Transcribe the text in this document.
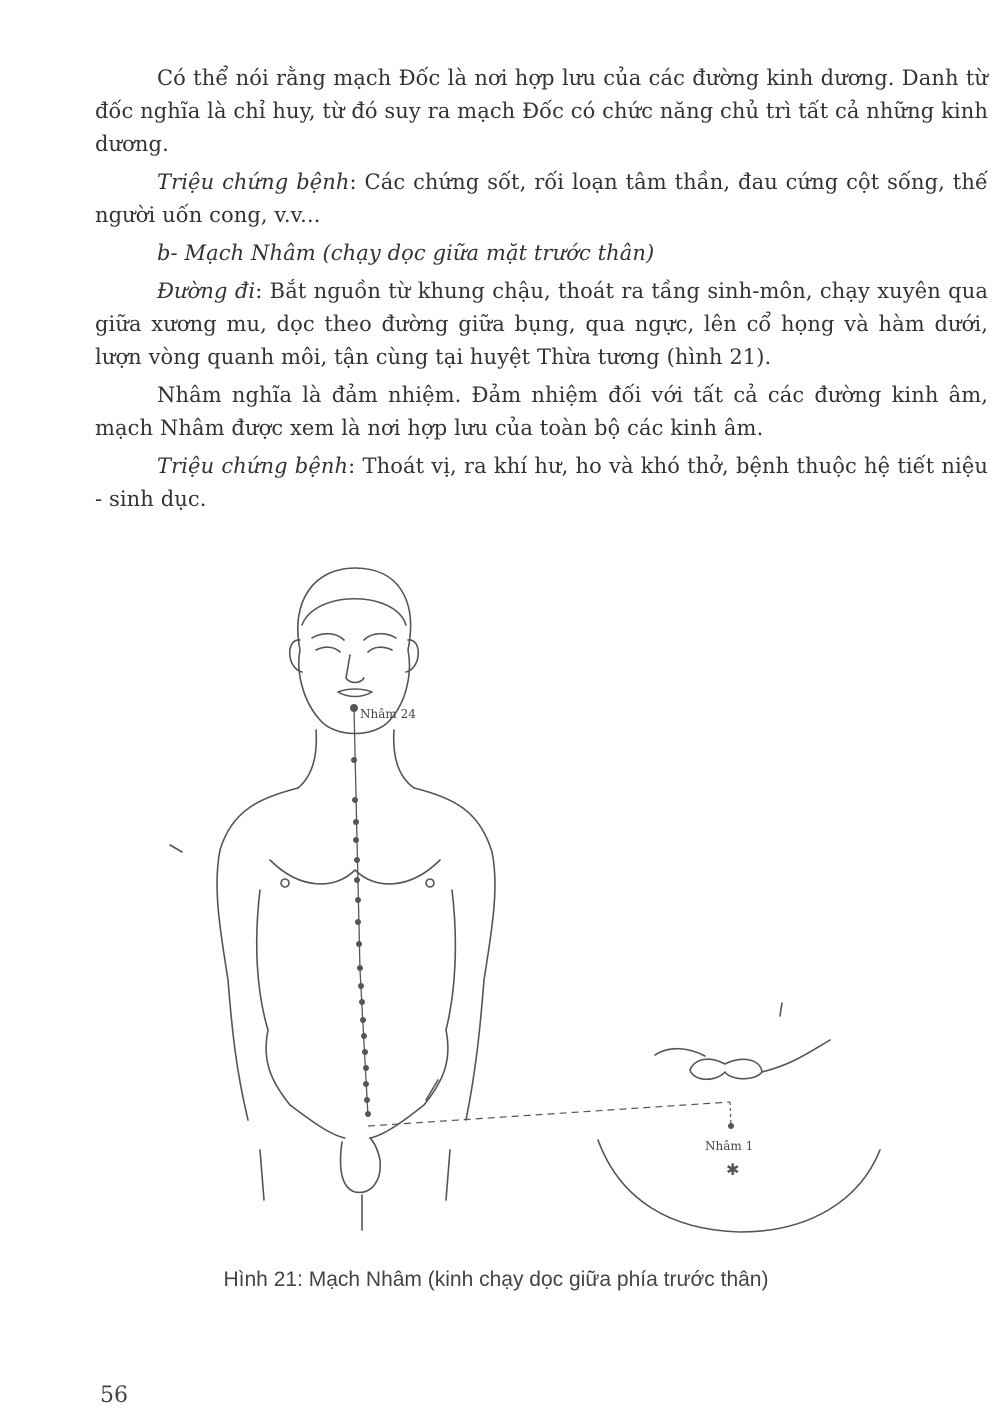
Có thể nói rằng mạch Đốc là nơi hợp lưu của các đường kinh dương. Danh từ đốc nghĩa là chỉ huy, từ đó suy ra mạch Đốc có chức năng chủ trì tất cả những kinh dương.

Triệu chứng bệnh: Các chứng sốt, rối loạn tâm thần, đau cứng cột sống, thế người uốn cong, v.v...

b- Mạch Nhâm (chạy dọc giữa mặt trước thân)

Đường đi: Bắt nguồn từ khung chậu, thoát ra tầng sinh-môn, chạy xuyên qua giữa xương mu, dọc theo đường giữa bụng, qua ngực, lên cổ họng và hàm dưới, lượn vòng quanh môi, tận cùng tại huyệt Thừa tương (hình 21).

Nhâm nghĩa là đảm nhiệm. Đảm nhiệm đối với tất cả các đường kinh âm, mạch Nhâm được xem là nơi hợp lưu của toàn bộ các kinh âm.

Triệu chứng bệnh: Thoát vị, ra khí hư, ho và khó thở, bệnh thuộc hệ tiết niệu - sinh dục.

Nhâm 24
Nhâm 1
✱
Hình 21: Mạch Nhâm (kinh chạy dọc giữa phía trước thân)
56
